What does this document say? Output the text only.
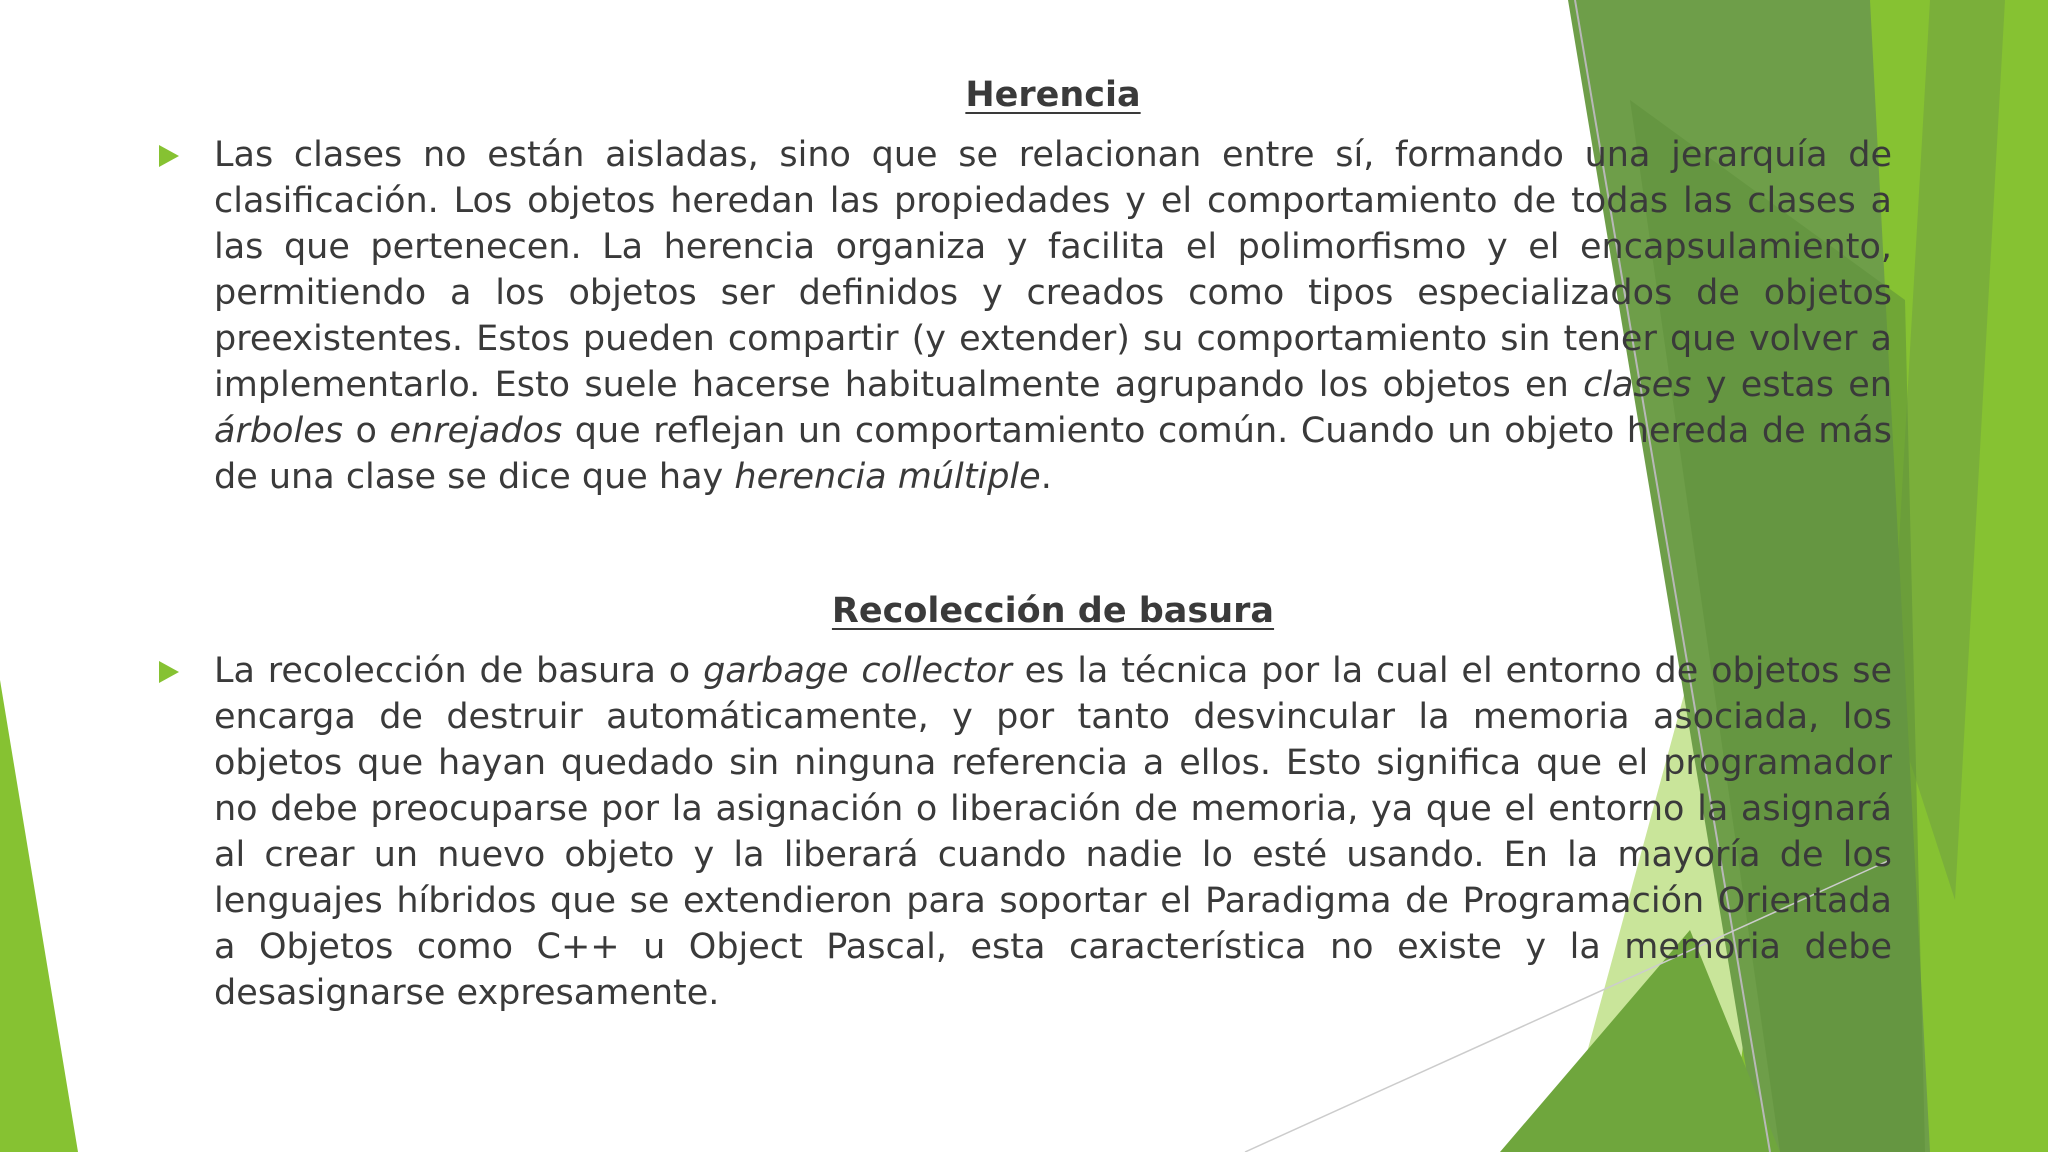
Herencia
Las clases no están aisladas, sino que se relacionan entre sí, formando una jerarquía de clasificación. Los objetos heredan las propiedades y el comportamiento de todas las clases a las que pertenecen. La herencia organiza y facilita el polimorfismo y el encapsulamiento, permitiendo a los objetos ser definidos y creados como tipos especializados de objetos preexistentes. Estos pueden compartir (y extender) su comportamiento sin tener que volver a implementarlo. Esto suele hacerse habitualmente agrupando los objetos en clases y estas en árboles o enrejados que reflejan un comportamiento común. Cuando un objeto hereda de más de una clase se dice que hay herencia múltiple.
Recolección de basura
La recolección de basura o garbage collector es la técnica por la cual el entorno de objetos se encarga de destruir automáticamente, y por tanto desvincular la memoria asociada, los objetos que hayan quedado sin ninguna referencia a ellos. Esto significa que el programador no debe preocuparse por la asignación o liberación de memoria, ya que el entorno la asignará al crear un nuevo objeto y la liberará cuando nadie lo esté usando. En la mayoría de los lenguajes híbridos que se extendieron para soportar el Paradigma de Programación Orientada a Objetos como C++ u Object Pascal, esta característica no existe y la memoria debe desasignarse expresamente.
